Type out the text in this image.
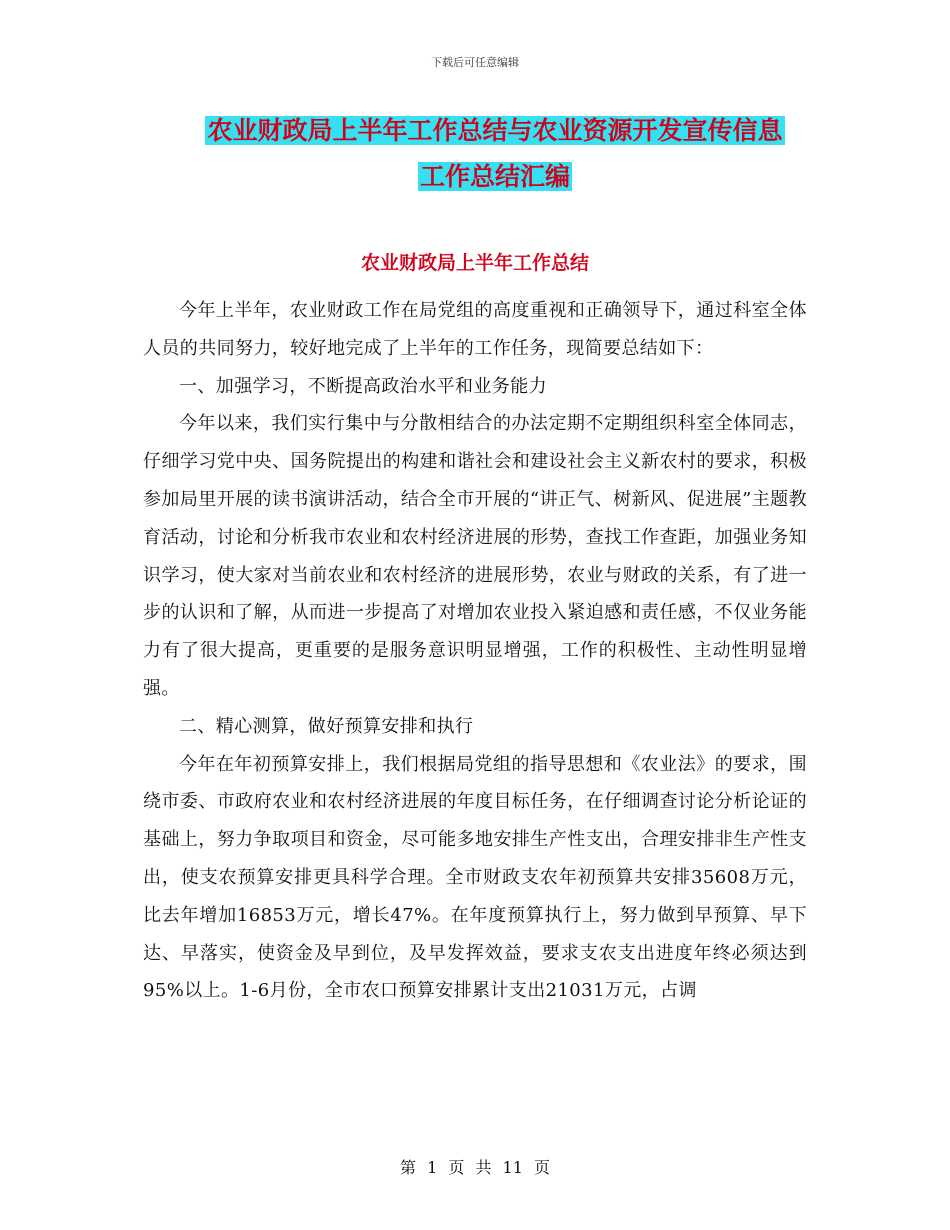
下载后可任意编辑
农业财政局上半年工作总结与农业资源开发宣传信息
工作总结汇编
农业财政局上半年工作总结

今年上半年，农业财政工作在局党组的高度重视和正确领导下，通过科室全体人员的共同努力，较好地完成了上半年的工作任务，现简要总结如下：

一、加强学习，不断提高政治水平和业务能力

今年以来，我们实行集中与分散相结合的办法定期不定期组织科室全体同志，仔细学习党中央、国务院提出的构建和谐社会和建设社会主义新农村的要求，积极参加局里开展的读书演讲活动，结合全市开展的“讲正气、树新风、促进展”主题教育活动，讨论和分析我市农业和农村经济进展的形势，查找工作查距，加强业务知识学习，使大家对当前农业和农村经济的进展形势，农业与财政的关系，有了进一步的认识和了解，从而进一步提高了对增加农业投入紧迫感和责任感，不仅业务能力有了很大提高，更重要的是服务意识明显增强，工作的积极性、主动性明显增强。

二、精心测算，做好预算安排和执行

今年在年初预算安排上，我们根据局党组的指导思想和《农业法》的要求，围绕市委、市政府农业和农村经济进展的年度目标任务，在仔细调查讨论分析论证的基础上，努力争取项目和资金，尽可能多地安排生产性支出，合理安排非生产性支出，使支农预算安排更具科学合理。全市财政支农年初预算共安排35608万元，比去年增加16853万元，增长47%。在年度预算执行上，努力做到早预算、早下达、早落实，使资金及早到位，及早发挥效益，要求支农支出进度年终必须达到95%以上。1-6月份，全市农口预算安排累计支出21031万元，占调

第 1 页 共 11 页
